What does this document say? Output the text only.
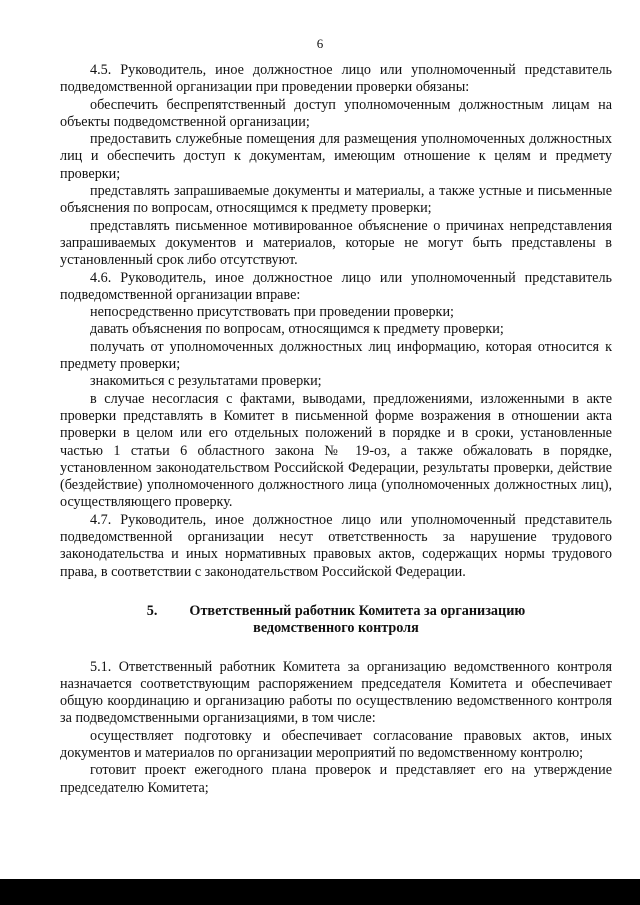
6

4.5. Руководитель, иное должностное лицо или уполномоченный представитель подведомственной организации при проведении проверки обязаны:

обеспечить беспрепятственный доступ уполномоченным должностным лицам на объекты подведомственной организации;

предоставить служебные помещения для размещения уполномоченных должностных лиц и обеспечить доступ к документам, имеющим отношение к целям и предмету проверки;

представлять запрашиваемые документы и материалы, а также устные и письменные объяснения по вопросам, относящимся к предмету проверки;

представлять письменное мотивированное объяснение о причинах непредставления запрашиваемых документов и материалов, которые не могут быть представлены в установленный срок либо отсутствуют.

4.6. Руководитель, иное должностное лицо или уполномоченный представитель подведомственной организации вправе:

непосредственно присутствовать при проведении проверки;

давать объяснения по вопросам, относящимся к предмету проверки;

получать от уполномоченных должностных лиц информацию, которая относится к предмету проверки;

знакомиться с результатами проверки;

в случае несогласия с фактами, выводами, предложениями, изложенными в акте проверки представлять в Комитет в письменной форме возражения в отношении акта проверки в целом или его отдельных положений в порядке и в сроки, установленные частью 1 статьи 6 областного закона № 19-оз, а также обжаловать в порядке, установленном законодательством Российской Федерации, результаты проверки, действие (бездействие) уполномоченного должностного лица (уполномоченных должностных лиц), осуществляющего проверку.

4.7. Руководитель, иное должностное лицо или уполномоченный представитель подведомственной организации несут ответственность за нарушение трудового законодательства и иных нормативных правовых актов, содержащих нормы трудового права, в соответствии с законодательством Российской Федерации.

5. Ответственный работник Комитета за организацию
ведомственного контроля

5.1. Ответственный работник Комитета за организацию ведомственного контроля назначается соответствующим распоряжением председателя Комитета и обеспечивает общую координацию и организацию работы по осуществлению ведомственного контроля за подведомственными организациями, в том числе:

осуществляет подготовку и обеспечивает согласование правовых актов, иных документов и материалов по организации мероприятий по ведомственному контролю;

готовит проект ежегодного плана проверок и представляет его на утверждение председателю Комитета;
